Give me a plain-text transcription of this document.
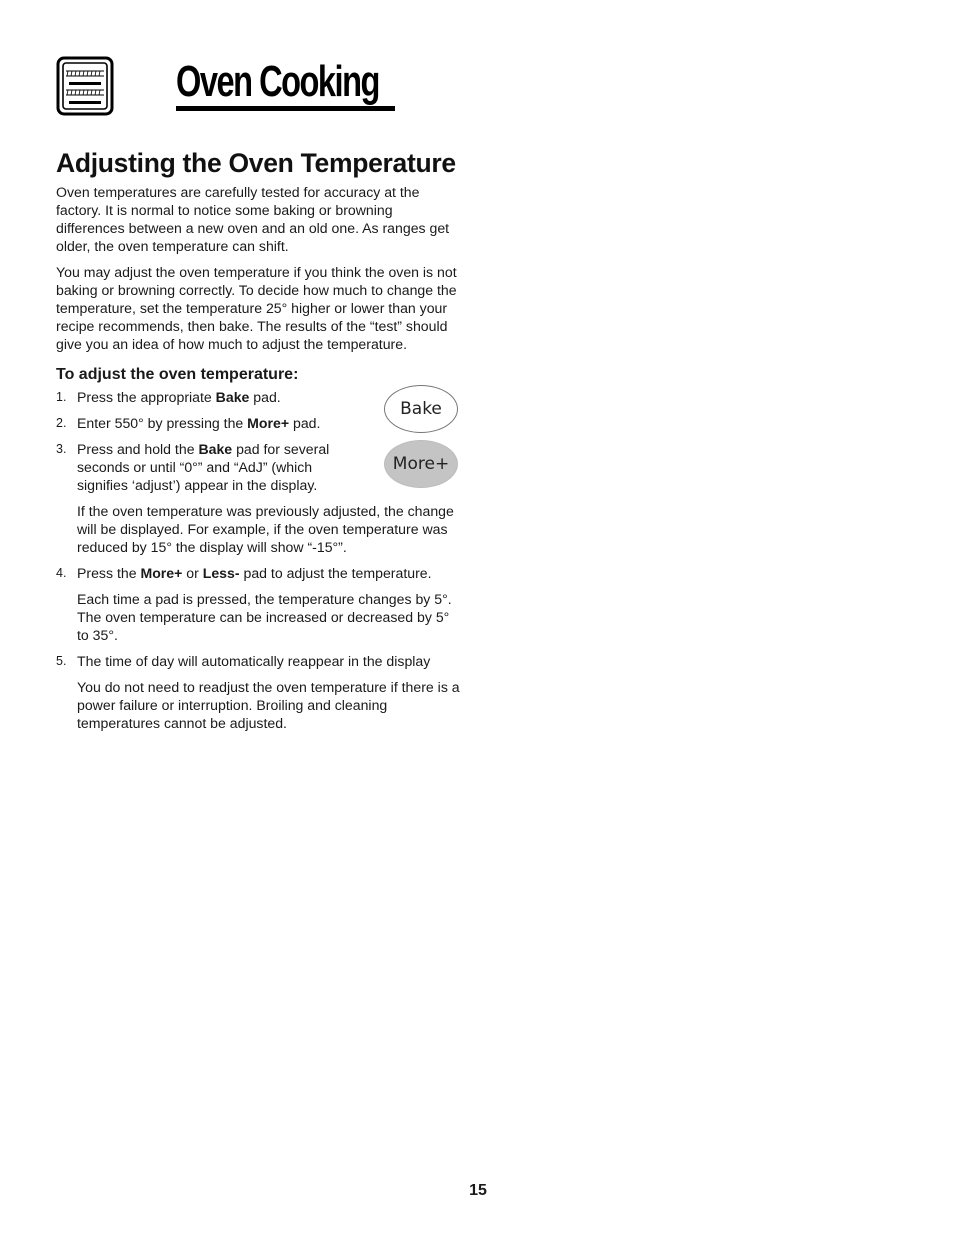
Oven Cooking
Adjusting the Oven Temperature

Oven temperatures are carefully tested for accuracy at the factory. It is normal to notice some baking or browning differences between a new oven and an old one. As ranges get older, the oven temperature can shift.

You may adjust the oven temperature if you think the oven is not baking or browning correctly. To decide how much to change the temperature, set the temperature 25° higher or lower than your recipe recommends, then bake. The results of the “test” should give you an idea of how much to adjust the temperature.

To adjust the oven temperature:
1. Press the appropriate Bake pad.
2. Enter 550° by pressing the More+ pad.
3. Press and hold the Bake pad for several seconds or until “0°” and “AdJ” (which signifies ‘adjust’) appear in the display.

If the oven temperature was previously adjusted, the change will be displayed. For example, if the oven temperature was reduced by 15° the display will show “-15°”.

4. Press the More+ or Less- pad to adjust the temperature.

Each time a pad is pressed, the temperature changes by 5°. The oven temperature can be increased or decreased by 5° to 35°.

5. The time of day will automatically reappear in the display

You do not need to readjust the oven temperature if there is a power failure or interruption. Broiling and cleaning temperatures cannot be adjusted.

Bake
More+
15
